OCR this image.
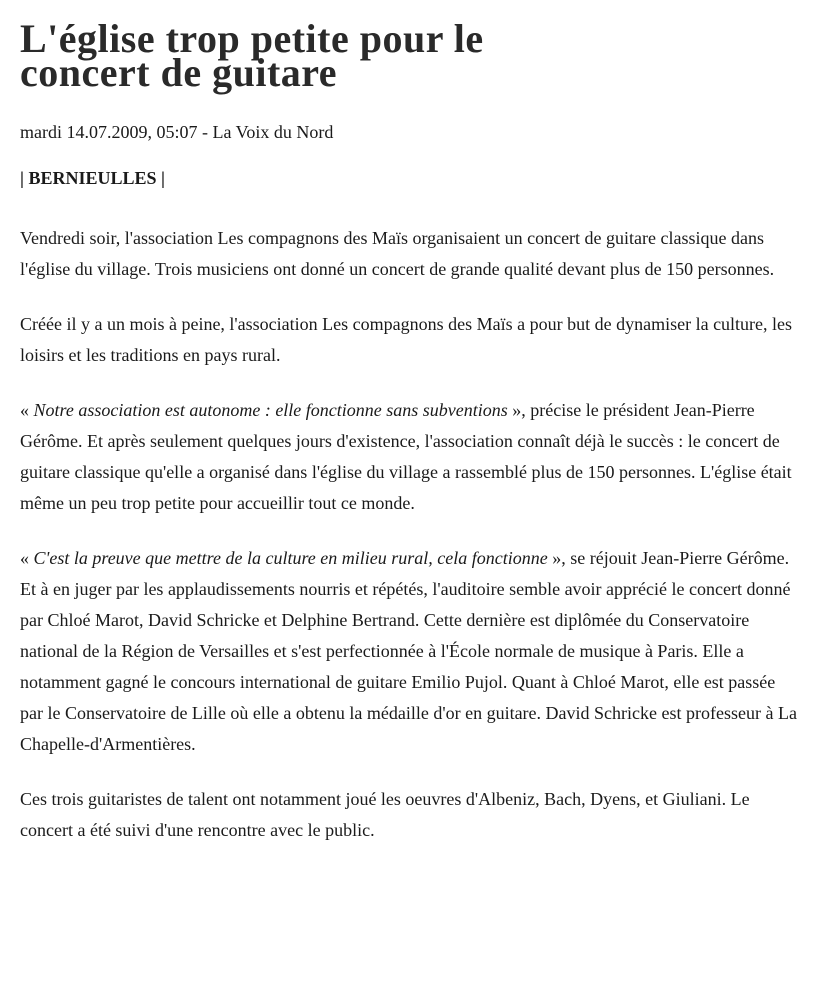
L'église trop petite pour le
concert de guitare
mardi 14.07.2009, 05:07 - La Voix du Nord
| BERNIEULLES |

Vendredi soir, l'association Les compagnons des Maïs organisaient un concert de guitare classique dans l'église du village. Trois musiciens ont donné un concert de grande qualité devant plus de 150 personnes.

Créée il y a un mois à peine, l'association Les compagnons des Maïs a pour but de dynamiser la culture, les loisirs et les traditions en pays rural.

« Notre association est autonome : elle fonctionne sans subventions », précise le président Jean-Pierre Gérôme. Et après seulement quelques jours d'existence, l'association connaît déjà le succès : le concert de guitare classique qu'elle a organisé dans l'église du village a rassemblé plus de 150 personnes. L'église était même un peu trop petite pour accueillir tout ce monde.

« C'est la preuve que mettre de la culture en milieu rural, cela fonctionne », se réjouit Jean-Pierre Gérôme. Et à en juger par les applaudissements nourris et répétés, l'auditoire semble avoir apprécié le concert donné par Chloé Marot, David Schricke et Delphine Bertrand. Cette dernière est diplômée du Conservatoire national de la Région de Versailles et s'est perfectionnée à l'École normale de musique à Paris. Elle a notamment gagné le concours international de guitare Emilio Pujol. Quant à Chloé Marot, elle est passée par le Conservatoire de Lille où elle a obtenu la médaille d'or en guitare. David Schricke est professeur à La Chapelle-d'Armentières.

Ces trois guitaristes de talent ont notamment joué les oeuvres d'Albeniz, Bach, Dyens, et Giuliani. Le concert a été suivi d'une rencontre avec le public.
